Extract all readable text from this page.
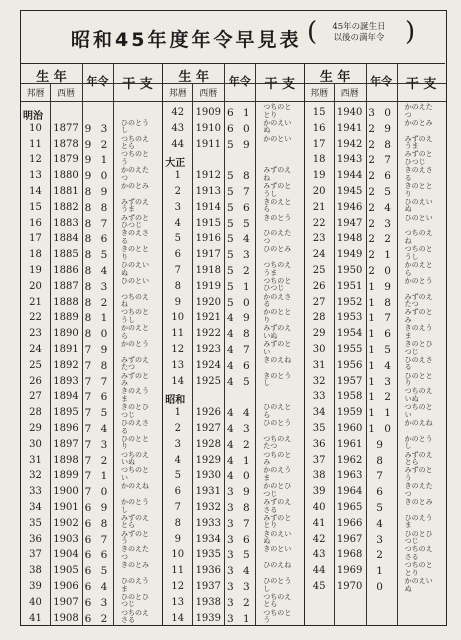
昭和45年度年令早見表 (	45年の誕生日
以後の満年令 )
生 年	年令	干 支
邦暦	西暦
明治
10	1877 9 3	ひのとうし
11	1878 9 2	つちのえとら
12	1879 9 1	つちのとう
13	1880 9 0	かのえたつ
14	1881 8 9	かのとみ
15	1882 8 8	みずのえうま
16	1883 8 7	みずのとひつじ
17	1884 8 6	きのえさる
18	1885 8 5	きのととり
19	1886 8 4	ひのえいぬ
20	1887 8 3	ひのとい
21	1888 8 2	つちのえね
22	1889 8 1	つちのとうし
23	1890 8 0	かのえとら
24	1891 7 9	かのとう
25	1892 7 8	みずのえたつ
26	1893 7 7	みずのとみ
27	1894 7 6	きのえうま
28	1895 7 5	きのとひつじ
29	1896 7 4	ひのえさる
30	1897 7 3	ひのととり
31	1898 7 2	つちのえいぬ
32	1899 7 1	つちのとい
33	1900 7 0	かのえね
34	1901 6 9	かのとうし
35	1902 6 8	みずのえとら
36	1903 6 7	みずのとう
37	1904 6 6	きのえたつ
38	1905 6 5	きのとみ
39	1906 6 4	ひのえうま
40	1907 6 3	ひのとひつじ
41	1908 6 2	つちのえさる
生 年	年令	干 支
邦暦	西暦
42	1909 6 1	つちのととり
43	1910 6 0	かのえいぬ
44	1911 5 9	かのとい
大正
1	1912 5 8	みずのえね
2	1913 5 7	みずのとうし
3	1914 5 6	きのえとら
4	1915 5 5	きのとう
5	1916 5 4	ひのえたつ
6	1917 5 3	ひのとみ
7	1918 5 2	つちのえうま
8	1919 5 1	つちのとひつじ
9	1920 5 0	かのえさる
10	1921 4 9	かのととり
11	1922 4 8	みずのえいぬ
12	1923 4 7	みずのとい
13	1924 4 6	きのえね
14	1925 4 5	きのとうし
昭和
1	1926 4 4	ひのえとら
2	1927 4 3	ひのとう
3	1928 4 2	つちのえたつ
4	1929 4 1	つちのとみ
5	1930 4 0	かのえうま
6	1931 3 9	かのとひつじ
7	1932 3 8	みずのえさる
8	1933 3 7	みずのととり
9	1934 3 6	きのえいぬ
10	1935 3 5	きのとい
11	1936 3 4	ひのえね
12	1937 3 3	ひのとうし
13	1938 3 2	つちのえとら
14	1939 3 1	つちのとう
生 年	年令	干 支
邦暦	西暦
15	1940 3 0	かのえたつ
16	1941 2 9	かのとみ
17	1942 2 8	みずのえうま
18	1943 2 7	みずのとひつじ
19	1944 2 6	きのえさる
20	1945 2 5	きのととり
21	1946 2 4	ひのえいぬ
22	1947 2 3	ひのとい
23	1948 2 2	つちのえね
24	1949 2 1	つちのとうし
25	1950 2 0	かのえとら
26	1951 1 9	かのとう
27	1952 1 8	みずのえたつ
28	1953 1 7	みずのとみ
29	1954 1 6	きのえうま
30	1955 1 5	きのとひつじ
31	1956 1 4	ひのえさる
32	1957 1 3	ひのととり
33	1958 1 2	つちのえいぬ
34	1959 1 1	つちのとい
35	1960 1 0	かのえね
36	1961	9	かのとうし
37	1962	8	みずのえとら
38	1963	7	みずのとう
39	1964	6	きのえたつ
40	1965	5	きのとみ
41	1966	4	ひのえうま
42	1967	3	ひのとひつじ
43	1968	2	つちのえさる
44	1969	1	つちのととり
45	1970	0	かのえいぬ
